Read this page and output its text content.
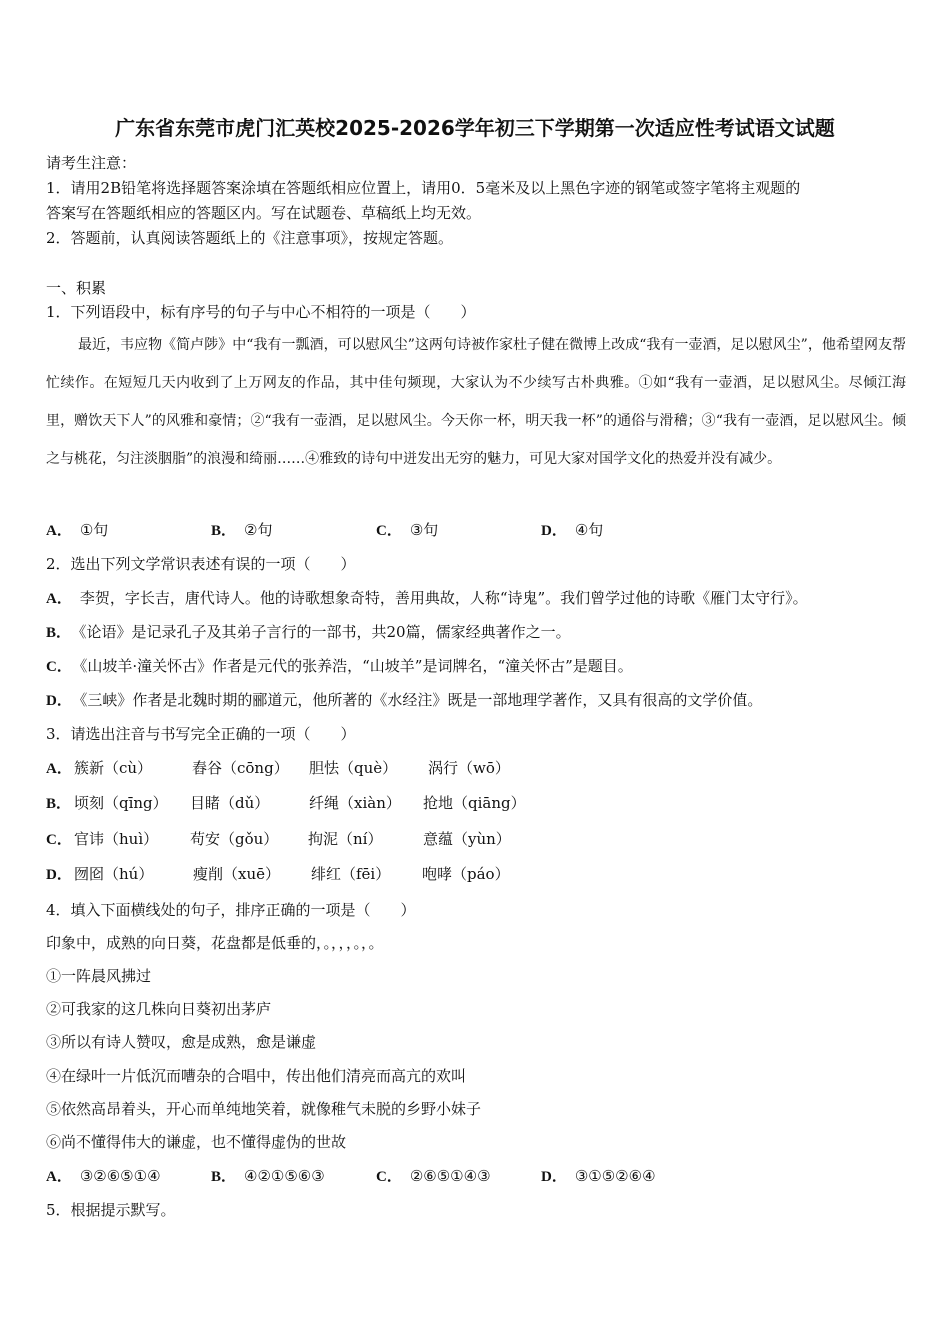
广东省东莞市虎门汇英校2025-2026学年初三下学期第一次适应性考试语文试题
请考生注意：
1．请用2B铅笔将选择题答案涂填在答题纸相应位置上，请用0．5毫米及以上黑色字迹的钢笔或签字笔将主观题的
答案写在答题纸相应的答题区内。写在试题卷、草稿纸上均无效。
2．答题前，认真阅读答题纸上的《注意事项》，按规定答题。
一、积累
1．下列语段中，标有序号的句子与中心不相符的一项是（　　）
最近，韦应物《简卢陟》中“我有一瓢酒，可以慰风尘”这两句诗被作家杜子健在微博上改成“我有一壶酒，足以慰风尘”，他希望网友帮忙续作。在短短几天内收到了上万网友的作品，其中佳句频现，大家认为不少续写古朴典雅。①如“我有一壶酒，足以慰风尘。尽倾江海里，赠饮天下人”的风雅和豪情；②“我有一壶酒，足以慰风尘。今天你一杯，明天我一杯”的通俗与滑稽；③“我有一壶酒，足以慰风尘。倾之与桃花，匀注淡胭脂”的浪漫和绮丽……④雅致的诗句中迸发出无穷的魅力，可见大家对国学文化的热爱并没有减少。
A． ①句	B． ②句	C． ③句	D． ④句
2．选出下列文学常识表述有误的一项（　　）
A． 李贺，字长吉，唐代诗人。他的诗歌想象奇特，善用典故，人称“诗鬼”。我们曾学过他的诗歌《雁门太守行》。
B． 《论语》是记录孔子及其弟子言行的一部书，共20篇，儒家经典著作之一。
C． 《山坡羊·潼关怀古》作者是元代的张养浩，“山坡羊”是词牌名，“潼关怀古”是题目。
D． 《三峡》作者是北魏时期的郦道元，他所著的《水经注》既是一部地理学著作，又具有很高的文学价值。
3．请选出注音与书写完全正确的一项（　　）
A． 簇新（cù）	舂谷（cōng） 胆怯（què） 涡行（wō）
B． 顷刻（qīng） 目睹（dǔ）	纤绳（xiàn） 抢地（qiāng）
C． 官讳（huì） 苟安（gǒu） 拘泥（ní）	意蕴（yùn）
D． 囫囵（hú）	瘦削（xuē） 绯红（fēi） 咆哮（páo）
4．填入下面横线处的句子，排序正确的一项是（　　）
印象中，成熟的向日葵，花盘都是低垂的，。，，，。，。
①一阵晨风拂过
②可我家的这几株向日葵初出茅庐
③所以有诗人赞叹，愈是成熟，愈是谦虚
④在绿叶一片低沉而嘈杂的合唱中，传出他们清亮而高亢的欢叫
⑤依然高昂着头，开心而单纯地笑着，就像稚气未脱的乡野小妹子
⑥尚不懂得伟大的谦虚，也不懂得虚伪的世故
A． ③②⑥⑤①④	B． ④②①⑤⑥③	C． ②⑥⑤①④③	D． ③①⑤②⑥④
5．根据提示默写。
